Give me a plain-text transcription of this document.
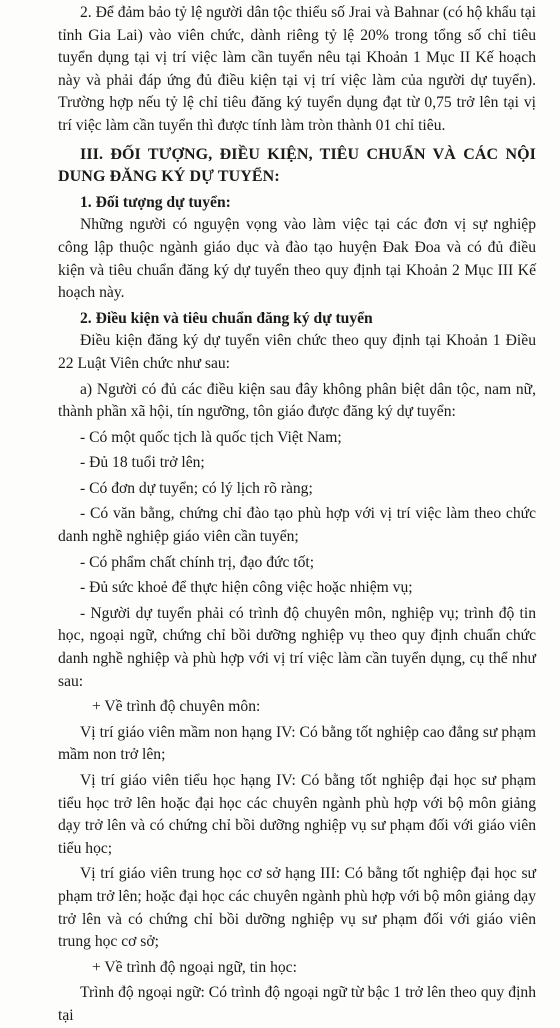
2. Để đảm bảo tỷ lệ người dân tộc thiểu số Jrai và Bahnar (có hộ khẩu tại tỉnh Gia Lai) vào viên chức, dành riêng tỷ lệ 20% trong tổng số chỉ tiêu tuyển dụng tại vị trí việc làm cần tuyển nêu tại Khoản 1 Mục II Kế hoạch này và phải đáp ứng đủ điều kiện tại vị trí việc làm của người dự tuyển). Trường hợp nếu tỷ lệ chỉ tiêu đăng ký tuyển dụng đạt từ 0,75 trở lên tại vị trí việc làm cần tuyển thì được tính làm tròn thành 01 chỉ tiêu.

III. ĐỐI TƯỢNG, ĐIỀU KIỆN, TIÊU CHUẨN VÀ CÁC NỘI DUNG ĐĂNG KÝ DỰ TUYỂN:

1. Đối tượng dự tuyển:

Những người có nguyện vọng vào làm việc tại các đơn vị sự nghiệp công lập thuộc ngành giáo dục và đào tạo huyện Đak Đoa và có đủ điều kiện và tiêu chuẩn đăng ký dự tuyển theo quy định tại Khoản 2 Mục III Kế hoạch này.

2. Điều kiện và tiêu chuẩn đăng ký dự tuyển

Điều kiện đăng ký dự tuyển viên chức theo quy định tại Khoản 1 Điều 22 Luật Viên chức như sau:

a) Người có đủ các điều kiện sau đây không phân biệt dân tộc, nam nữ, thành phần xã hội, tín ngưỡng, tôn giáo được đăng ký dự tuyển:

- Có một quốc tịch là quốc tịch Việt Nam;

- Đủ 18 tuổi trở lên;

- Có đơn dự tuyển; có lý lịch rõ ràng;

- Có văn bằng, chứng chỉ đào tạo phù hợp với vị trí việc làm theo chức danh nghề nghiệp giáo viên cần tuyển;

- Có phẩm chất chính trị, đạo đức tốt;

- Đủ sức khoẻ để thực hiện công việc hoặc nhiệm vụ;

- Người dự tuyển phải có trình độ chuyên môn, nghiệp vụ; trình độ tin học, ngoại ngữ, chứng chỉ bồi dưỡng nghiệp vụ theo quy định chuẩn chức danh nghề nghiệp và phù hợp với vị trí việc làm cần tuyển dụng, cụ thể như sau:

+ Về trình độ chuyên môn:

Vị trí giáo viên mầm non hạng IV: Có bằng tốt nghiệp cao đẳng sư phạm mầm non trở lên;

Vị trí giáo viên tiểu học hạng IV: Có bằng tốt nghiệp đại học sư phạm tiểu học trở lên hoặc đại học các chuyên ngành phù hợp với bộ môn giảng dạy trở lên và có chứng chỉ bồi dưỡng nghiệp vụ sư phạm đối với giáo viên tiểu học;

Vị trí giáo viên trung học cơ sở hạng III: Có bằng tốt nghiệp đại học sư phạm trở lên; hoặc đại học các chuyên ngành phù hợp với bộ môn giảng dạy trở lên và có chứng chỉ bồi dưỡng nghiệp vụ sư phạm đối với giáo viên trung học cơ sở;

+ Về trình độ ngoại ngữ, tin học:

Trình độ ngoại ngữ: Có trình độ ngoại ngữ từ bậc 1 trở lên theo quy định tại
